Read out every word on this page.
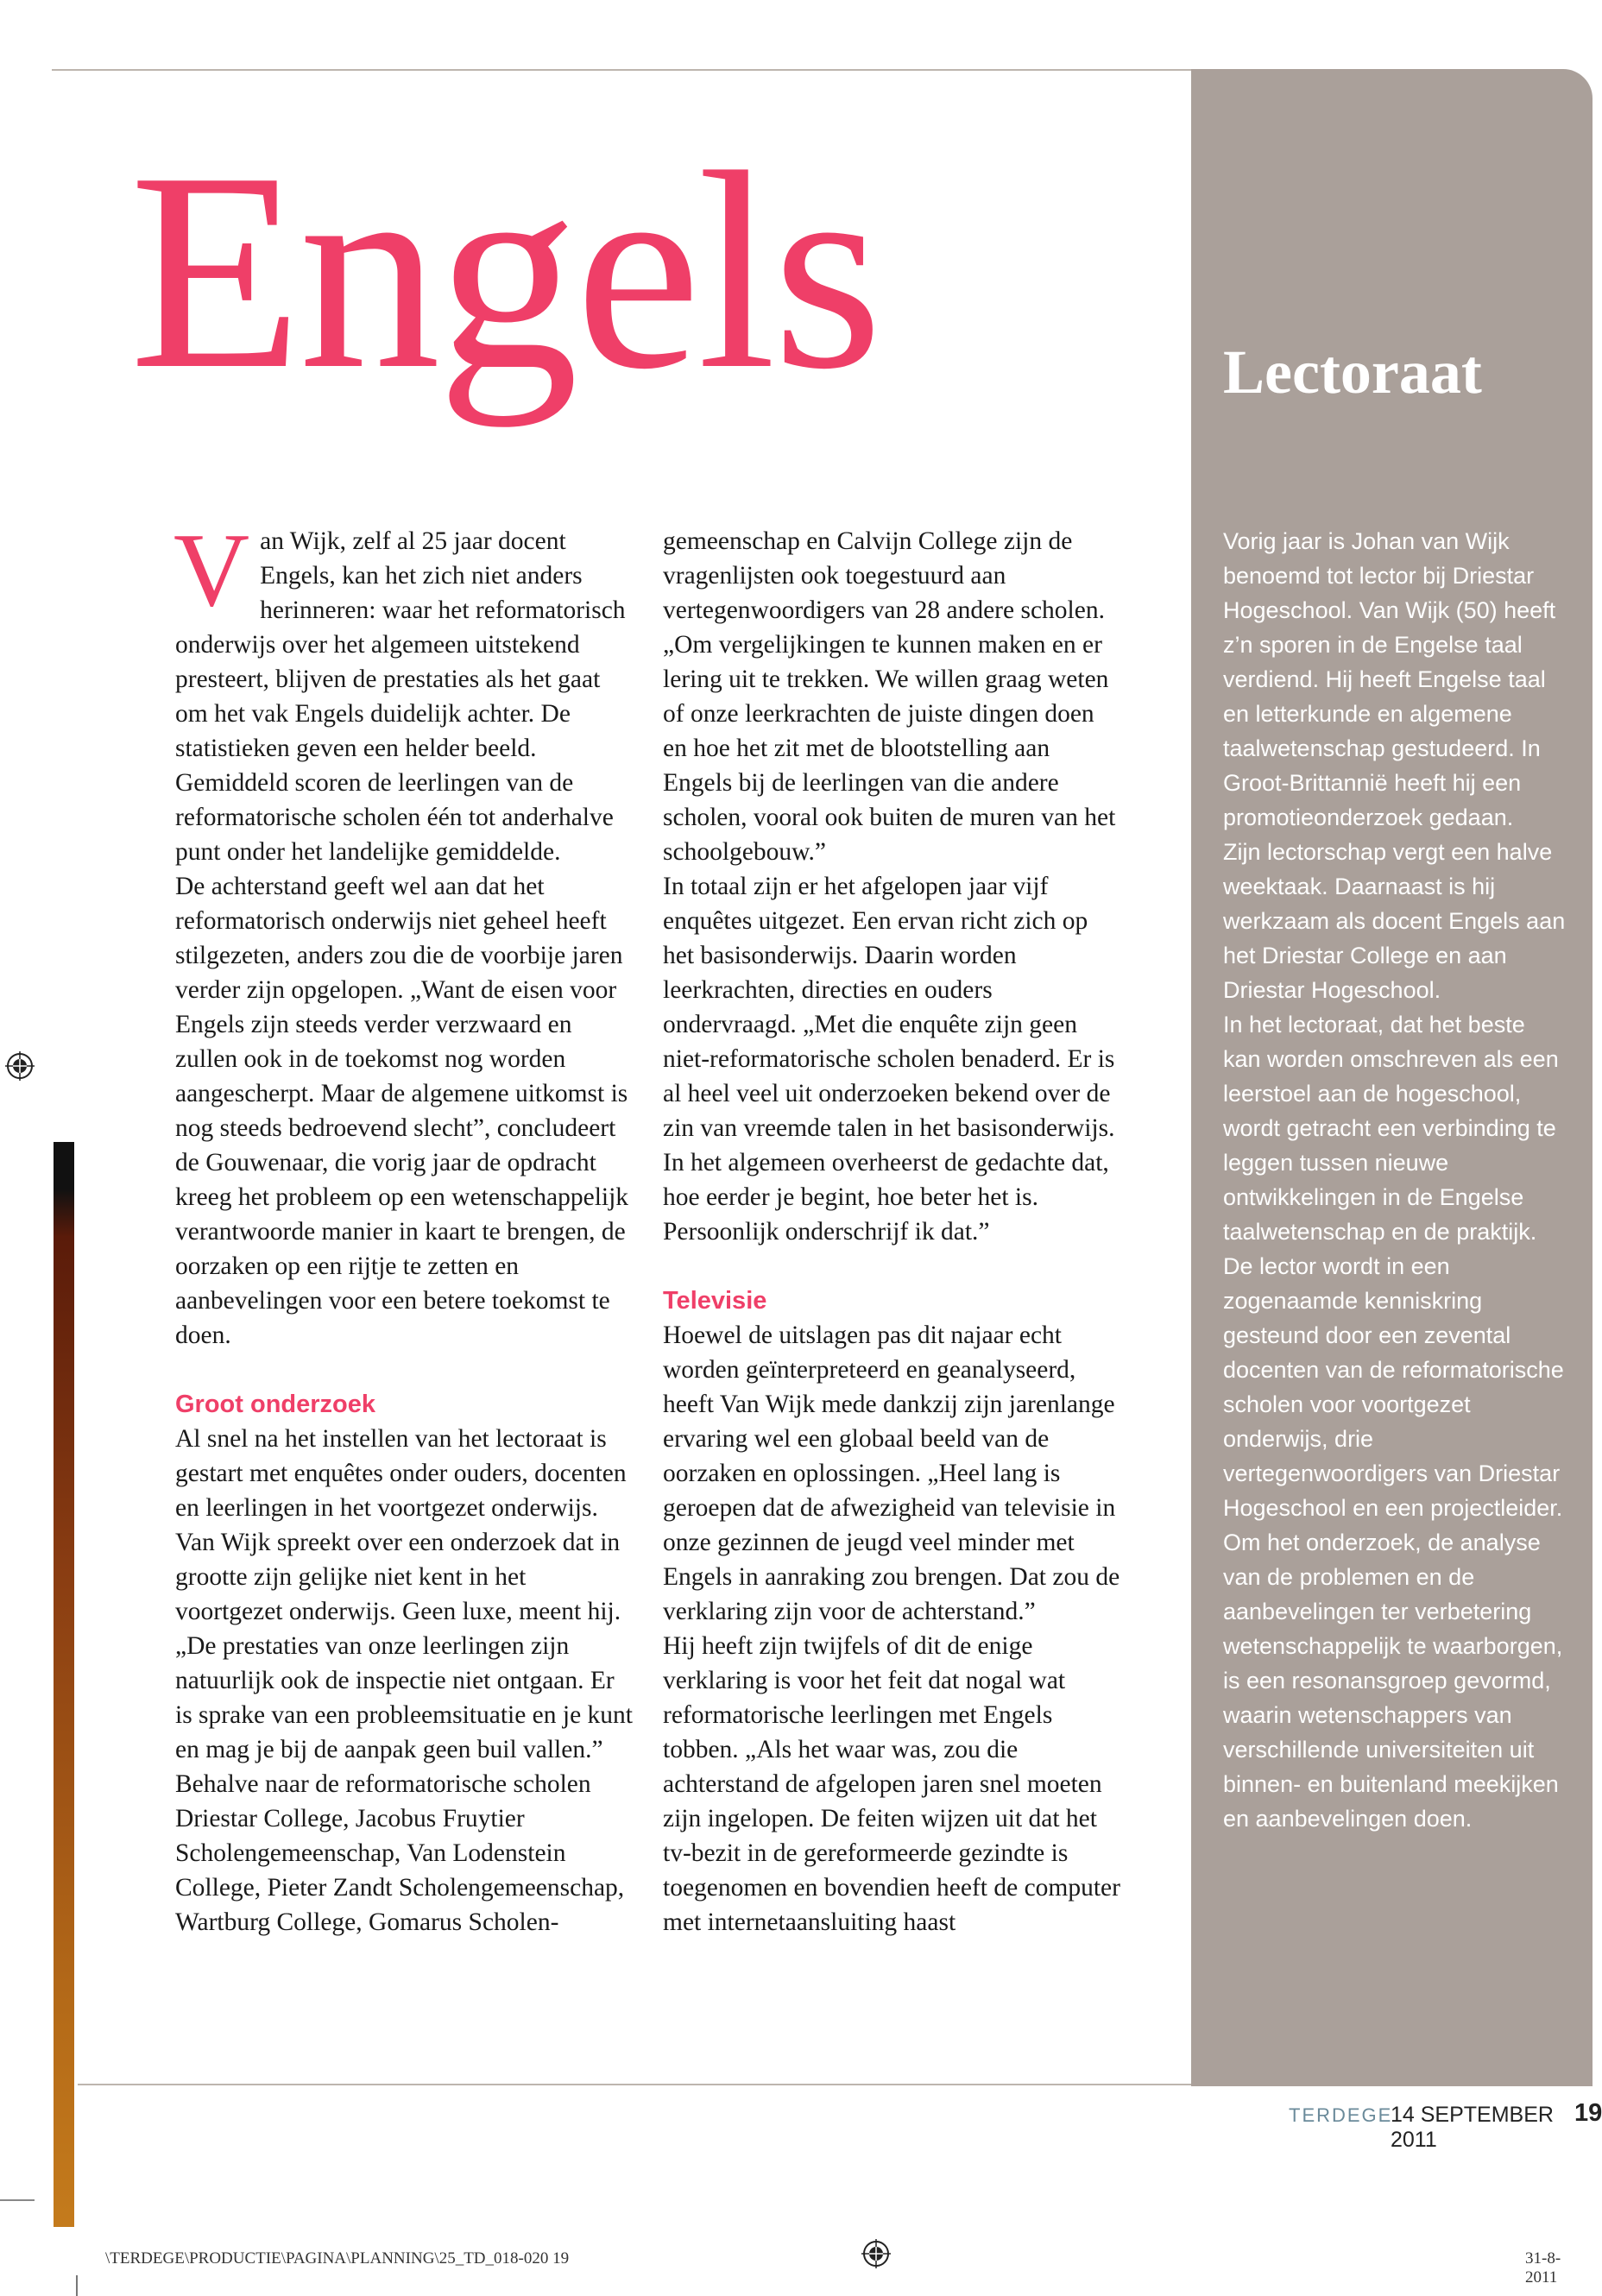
Engels	Lectoraat

Van Wijk, zelf al 25 jaar docent Engels, kan het zich niet anders herinneren: waar het reformatorisch onderwijs over het algemeen uitstekend presteert, blijven de prestaties als het gaat om het vak Engels duidelijk achter. De statistieken geven een helder beeld. Gemiddeld scoren de leerlingen van de reformatorische scholen één tot anderhalve punt onder het landelijke gemiddelde.

De achterstand geeft wel aan dat het reformatorisch onderwijs niet geheel heeft stilgezeten, anders zou die de voorbije jaren verder zijn opgelopen. „Want de eisen voor Engels zijn steeds verder verzwaard en zullen ook in de toekomst nog worden aangescherpt. Maar de algemene uitkomst is nog steeds bedroevend slecht”, concludeert de Gouwenaar, die vorig jaar de opdracht kreeg het probleem op een wetenschappelijk verantwoorde manier in kaart te brengen, de oorzaken op een rijtje te zetten en aanbevelingen voor een betere toekomst te doen.

Groot onderzoek

Al snel na het instellen van het lectoraat is gestart met enquêtes onder ouders, docenten en leerlingen in het voortgezet onderwijs. Van Wijk spreekt over een onderzoek dat in grootte zijn gelijke niet kent in het voortgezet onderwijs. Geen luxe, meent hij. „De prestaties van onze leerlingen zijn natuurlijk ook de inspectie niet ontgaan. Er is sprake van een probleemsituatie en je kunt en mag je bij de aanpak geen buil vallen.”

Behalve naar de reformatorische scholen Driestar College, Jacobus Fruytier Scholengemeenschap, Van Lodenstein College, Pieter Zandt Scholengemeenschap, Wartburg College, Gomarus Scholen-

gemeenschap en Calvijn College zijn de vragenlijsten ook toegestuurd aan vertegenwoordigers van 28 andere scholen. „Om vergelijkingen te kunnen maken en er lering uit te trekken. We willen graag weten of onze leerkrachten de juiste dingen doen en hoe het zit met de blootstelling aan Engels bij de leerlingen van die andere scholen, vooral ook buiten de muren van het schoolgebouw.”

In totaal zijn er het afgelopen jaar vijf enquêtes uitgezet. Een ervan richt zich op het basisonderwijs. Daarin worden leerkrachten, directies en ouders ondervraagd. „Met die enquête zijn geen niet-reformatorische scholen benaderd. Er is al heel veel uit onderzoeken bekend over de zin van vreemde talen in het basisonderwijs. In het algemeen overheerst de gedachte dat, hoe eerder je begint, hoe beter het is. Persoonlijk onderschrijf ik dat.”

Televisie

Hoewel de uitslagen pas dit najaar echt worden geïnterpreteerd en geanalyseerd, heeft Van Wijk mede dankzij zijn jarenlange ervaring wel een globaal beeld van de oorzaken en oplossingen. „Heel lang is geroepen dat de afwezigheid van televisie in onze gezinnen de jeugd veel minder met Engels in aanraking zou brengen. Dat zou de verklaring zijn voor de achterstand.”

Hij heeft zijn twijfels of dit de enige verklaring is voor het feit dat nogal wat reformatorische leerlingen met Engels tobben. „Als het waar was, zou die achterstand de afgelopen jaren snel moeten zijn ingelopen. De feiten wijzen uit dat het tv-bezit in de gereformeerde gezindte is toegenomen en bovendien heeft de computer met internetaansluiting haast

Vorig jaar is Johan van Wijk benoemd tot lector bij Driestar Hogeschool. Van Wijk (50) heeft z’n sporen in de Engelse taal verdiend. Hij heeft Engelse taal en letterkunde en algemene taalwetenschap gestudeerd. In Groot-Brittannië heeft hij een promotieonderzoek gedaan.

Zijn lectorschap vergt een halve weektaak. Daarnaast is hij werkzaam als docent Engels aan het Driestar College en aan Driestar Hogeschool.

In het lectoraat, dat het beste kan worden omschreven als een leerstoel aan de hogeschool, wordt getracht een verbinding te leggen tussen nieuwe ontwikkelingen in de Engelse taalwetenschap en de praktijk.

De lector wordt in een zogenaamde kenniskring gesteund door een zevental docenten van de reformatorische scholen voor voortgezet onderwijs, drie vertegenwoordigers van Driestar Hogeschool en een projectleider. Om het onderzoek, de analyse van de problemen en de aanbevelingen ter verbetering wetenschappelijk te waarborgen, is een resonansgroep gevormd, waarin wetenschappers van verschillende universiteiten uit binnen- en buitenland meekijken en aanbevelingen doen.

TERDEGE
14 SEPTEMBER 2011
19
\TERDEGE\PRODUCTIE\PAGINA\PLANNING\25_TD_018-020 19	31-8-2011
